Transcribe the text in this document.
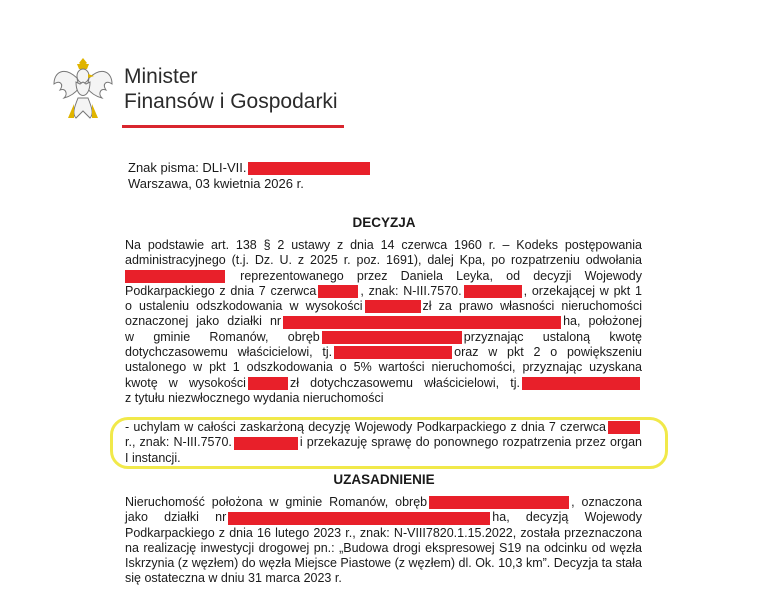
Minister
Finansów i Gospodarki
Znak pisma: DLI-VII.
Warszawa, 03 kwietnia 2026 r.
DECYZJA
Na podstawie art. 138 § 2 ustawy z dnia 14 czerwca 1960 r. – Kodeks postępowania
administracyjnego (t.j. Dz. U. z 2025 r. poz. 1691), dalej Kpa, po rozpatrzeniu odwołania
reprezentowanego przez Daniela Leyka, od decyzji Wojewody
Podkarpackiego z dnia 7 czerwca	, znak: N-III.7570.	, orzekającej w pkt 1
o ustaleniu odszkodowania w wysokości	zł za prawo własności nieruchomości
oznaczonej jako działki nr	ha, położonej
w gminie Romanów, obręb	przyznając ustaloną kwotę
dotychczasowemu właścicielowi, tj.	oraz w pkt 2 o powiększeniu
ustalonego w pkt 1 odszkodowania o 5% wartości nieruchomości, przyznając uzyskana
kwotę w wysokości	zł dotychczasowemu właścicielowi, tj.
z tytułu niezwłocznego wydania nieruchomości
- uchylam w całości zaskarżoną decyzję Wojewody Podkarpackiego z dnia 7 czerwca
r., znak: N-III.7570.	i przekazuję sprawę do ponownego rozpatrzenia przez organ
I instancji.
UZASADNIENIE
Nieruchomość położona w gminie Romanów, obręb	, oznaczona
jako działki nr	ha, decyzją Wojewody
Podkarpackiego z dnia 16 lutego 2023 r., znak: N-VIII7820.1.15.2022, została przeznaczona
na realizację inwestycji drogowej pn.: „Budowa drogi ekspresowej S19 na odcinku od węzła
Iskrzynia (z węzłem) do węzła Miejsce Piastowe (z węzłem) dl. Ok. 10,3 km”. Decyzja ta stała
się ostateczna w dniu 31 marca 2023 r.
